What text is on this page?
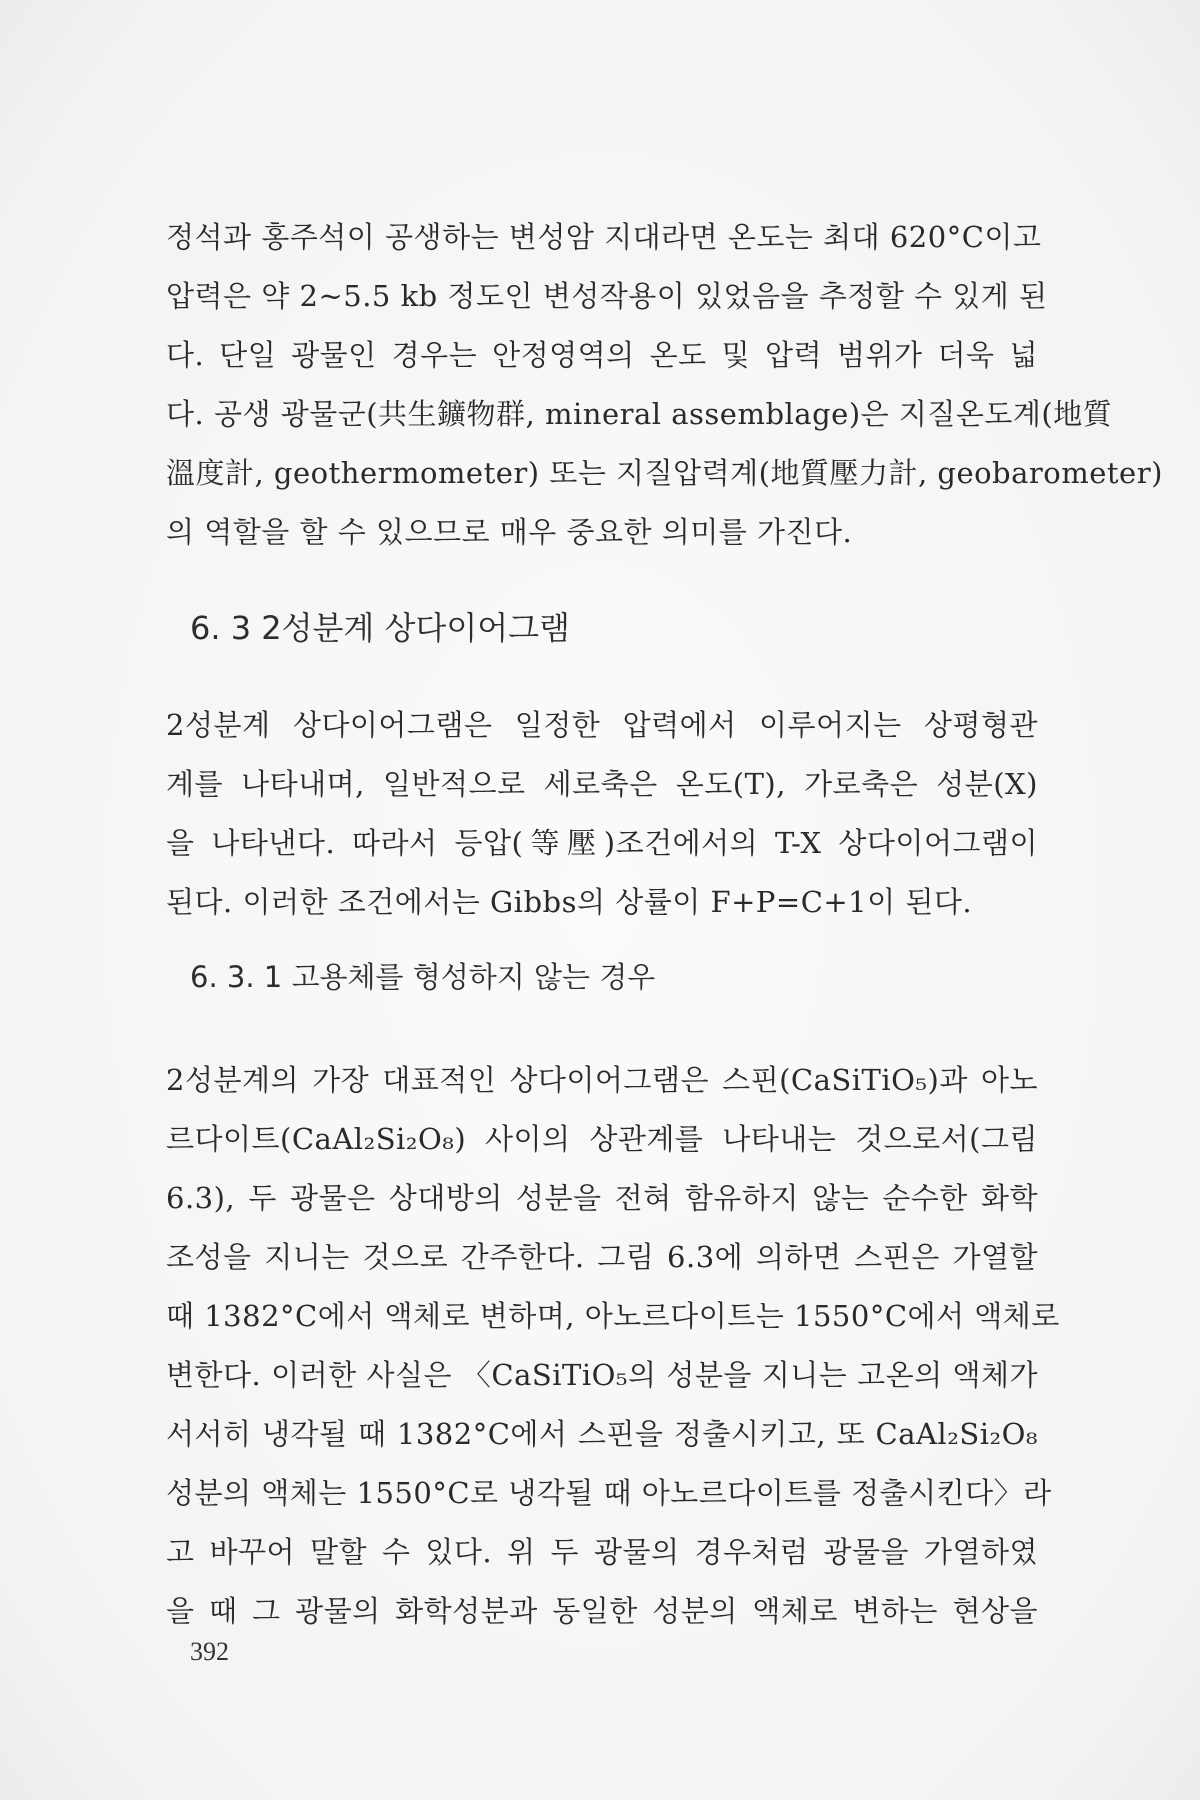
정석과 홍주석이 공생하는 변성암 지대라면 온도는 최대 620°C이고
압력은 약 2~5.5 kb 정도인 변성작용이 있었음을 추정할 수 있게 된
다. 단일 광물인 경우는 안정영역의 온도 및 압력 범위가 더욱 넓
다. 공생 광물군(共生鑛物群, mineral assemblage)은 지질온도계(地質
溫度計, geothermometer) 또는 지질압력계(地質壓力計, geobarometer)
의 역할을 할 수 있으므로 매우 중요한 의미를 가진다.
6. 3 2성분계 상다이어그램
2성분계 상다이어그램은 일정한 압력에서 이루어지는 상평형관
계를 나타내며, 일반적으로 세로축은 온도(T), 가로축은 성분(X)
을 나타낸다. 따라서 등압(等壓)조건에서의 T-X 상다이어그램이
된다. 이러한 조건에서는 Gibbs의 상률이 F+P=C+1이 된다.
6. 3. 1 고용체를 형성하지 않는 경우
2성분계의 가장 대표적인 상다이어그램은 스핀(CaSiTiO₅)과 아노
르다이트(CaAl₂Si₂O₈) 사이의 상관계를 나타내는 것으로서(그림
6.3), 두 광물은 상대방의 성분을 전혀 함유하지 않는 순수한 화학
조성을 지니는 것으로 간주한다. 그림 6.3에 의하면 스핀은 가열할
때 1382°C에서 액체로 변하며, 아노르다이트는 1550°C에서 액체로
변한다. 이러한 사실은 〈CaSiTiO₅의 성분을 지니는 고온의 액체가
서서히 냉각될 때 1382°C에서 스핀을 정출시키고, 또 CaAl₂Si₂O₈
성분의 액체는 1550°C로 냉각될 때 아노르다이트를 정출시킨다〉라
고 바꾸어 말할 수 있다. 위 두 광물의 경우처럼 광물을 가열하였
을 때 그 광물의 화학성분과 동일한 성분의 액체로 변하는 현상을
392
